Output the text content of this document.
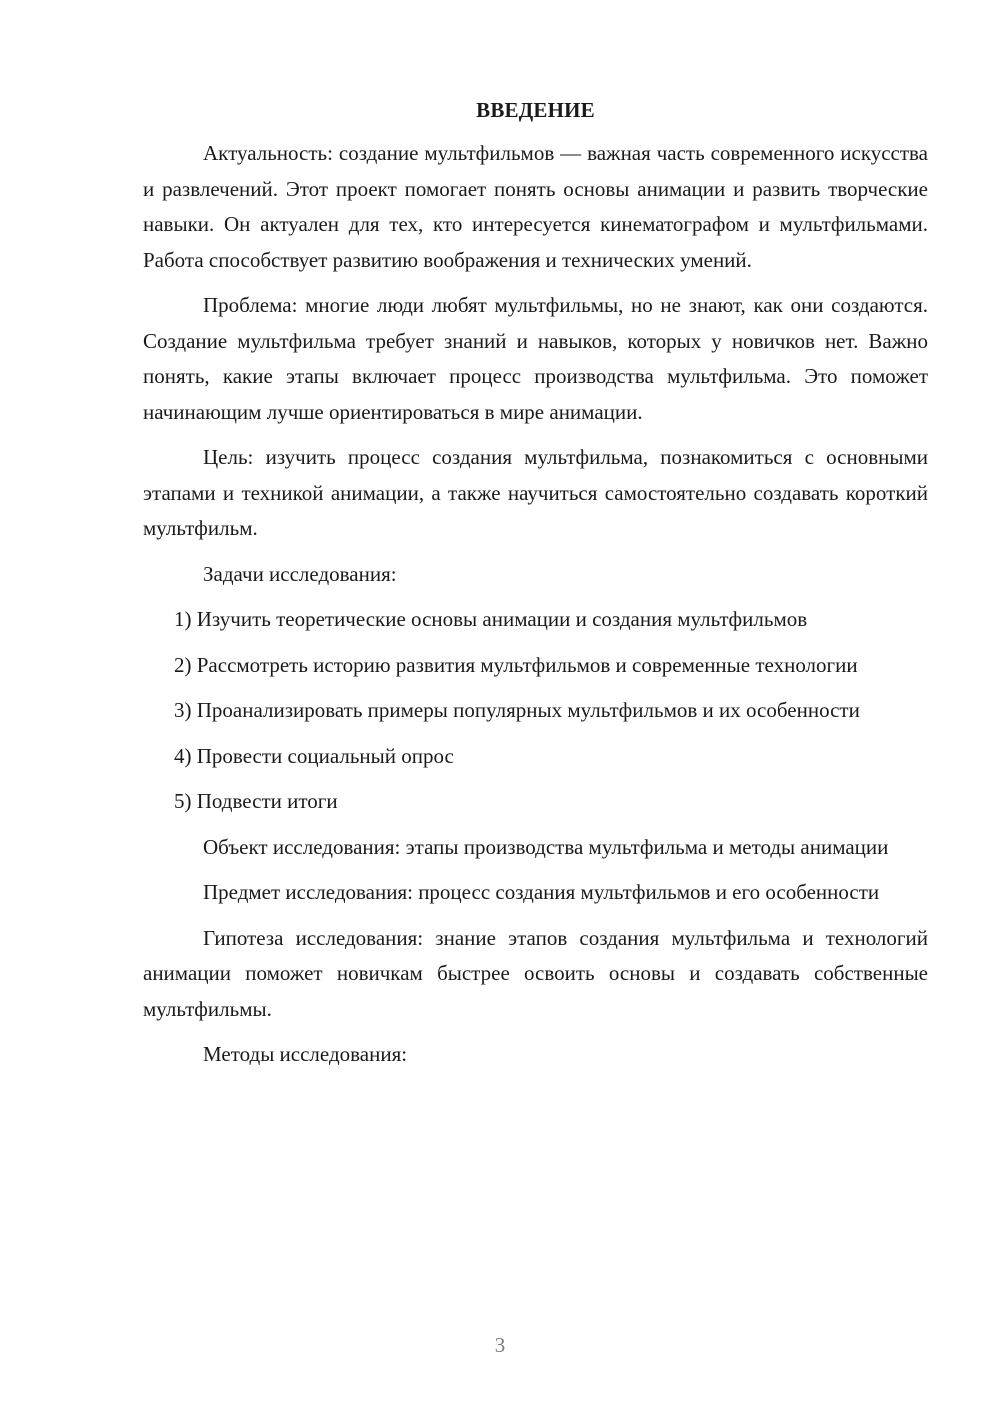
ВВЕДЕНИЕ

Актуальность: создание мультфильмов — важная часть современного искусства и развлечений. Этот проект помогает понять основы анимации и развить творческие навыки. Он актуален для тех, кто интересуется кинематографом и мультфильмами. Работа способствует развитию воображения и технических умений.

Проблема: многие люди любят мультфильмы, но не знают, как они создаются. Создание мультфильма требует знаний и навыков, которых у новичков нет. Важно понять, какие этапы включает процесс производства мультфильма. Это поможет начинающим лучше ориентироваться в мире анимации.

Цель: изучить процесс создания мультфильма, познакомиться с основными этапами и техникой анимации, а также научиться самостоятельно создавать короткий мультфильм.

Задачи исследования:

1) Изучить теоретические основы анимации и создания мультфильмов

2) Рассмотреть историю развития мультфильмов и современные технологии

3) Проанализировать примеры популярных мультфильмов и их особенности

4) Провести социальный опрос

5) Подвести итоги

Объект исследования: этапы производства мультфильма и методы анимации

Предмет исследования: процесс создания мультфильмов и его особенности

Гипотеза исследования: знание этапов создания мультфильма и технологий анимации поможет новичкам быстрее освоить основы и создавать собственные мультфильмы.

Методы исследования:

3
